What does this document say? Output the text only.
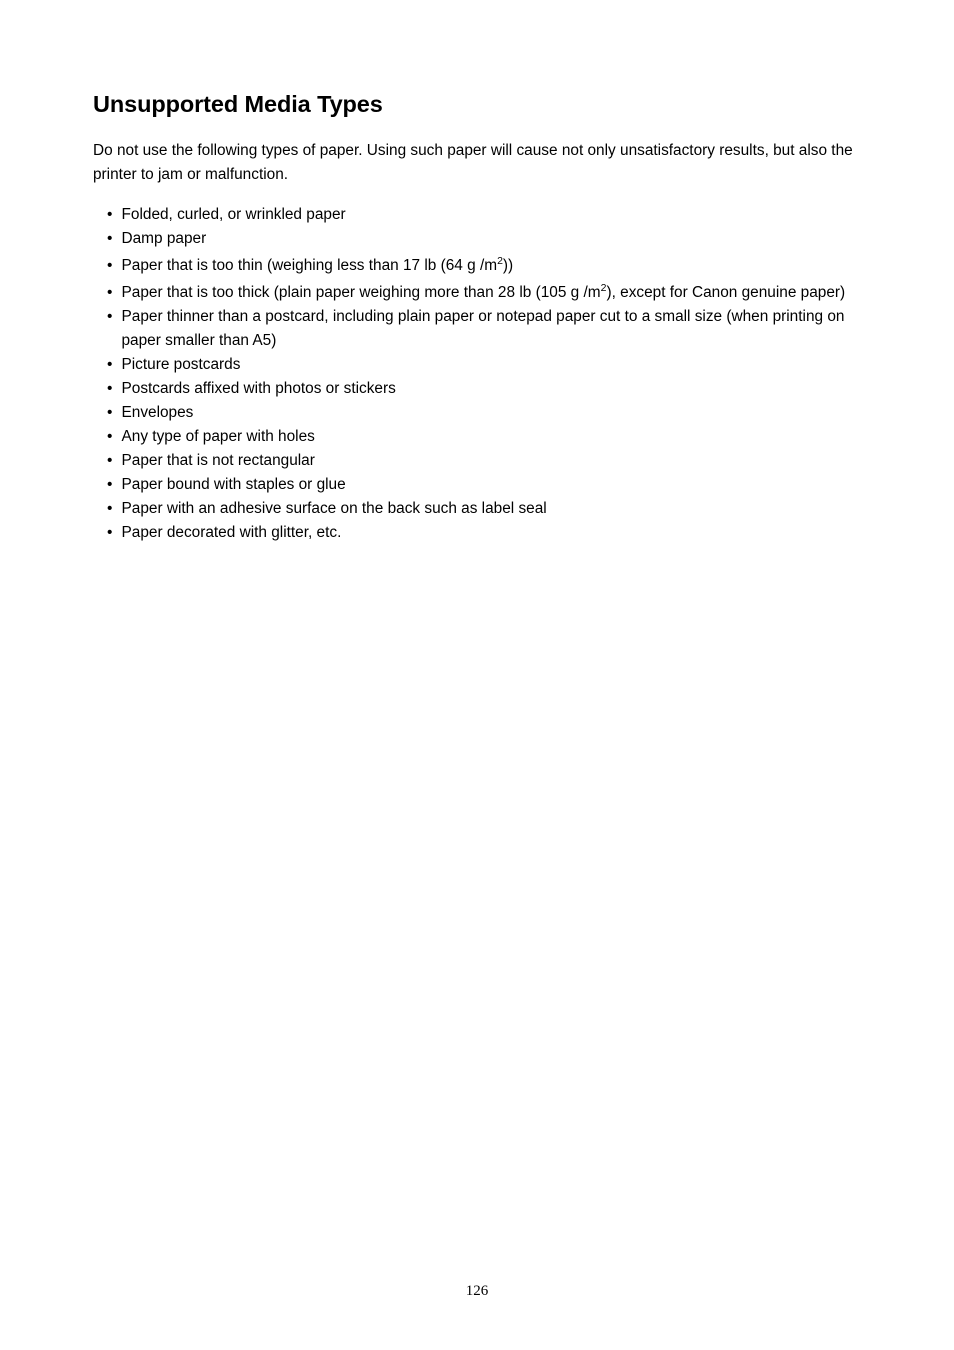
Unsupported Media Types

Do not use the following types of paper. Using such paper will cause not only unsatisfactory results, but also the printer to jam or malfunction.

• Folded, curled, or wrinkled paper
• Damp paper
• Paper that is too thin (weighing less than 17 lb (64 g $/m^2$))
• Paper that is too thick (plain paper weighing more than 28 lb (105 g $/m^2$), except for Canon genuine paper)
• Paper thinner than a postcard, including plain paper or notepad paper cut to a small size (when printing on paper smaller than A5)
• Picture postcards
• Postcards affixed with photos or stickers
• Envelopes
• Any type of paper with holes
• Paper that is not rectangular
• Paper bound with staples or glue
• Paper with an adhesive surface on the back such as label seal
• Paper decorated with glitter, etc.
126
